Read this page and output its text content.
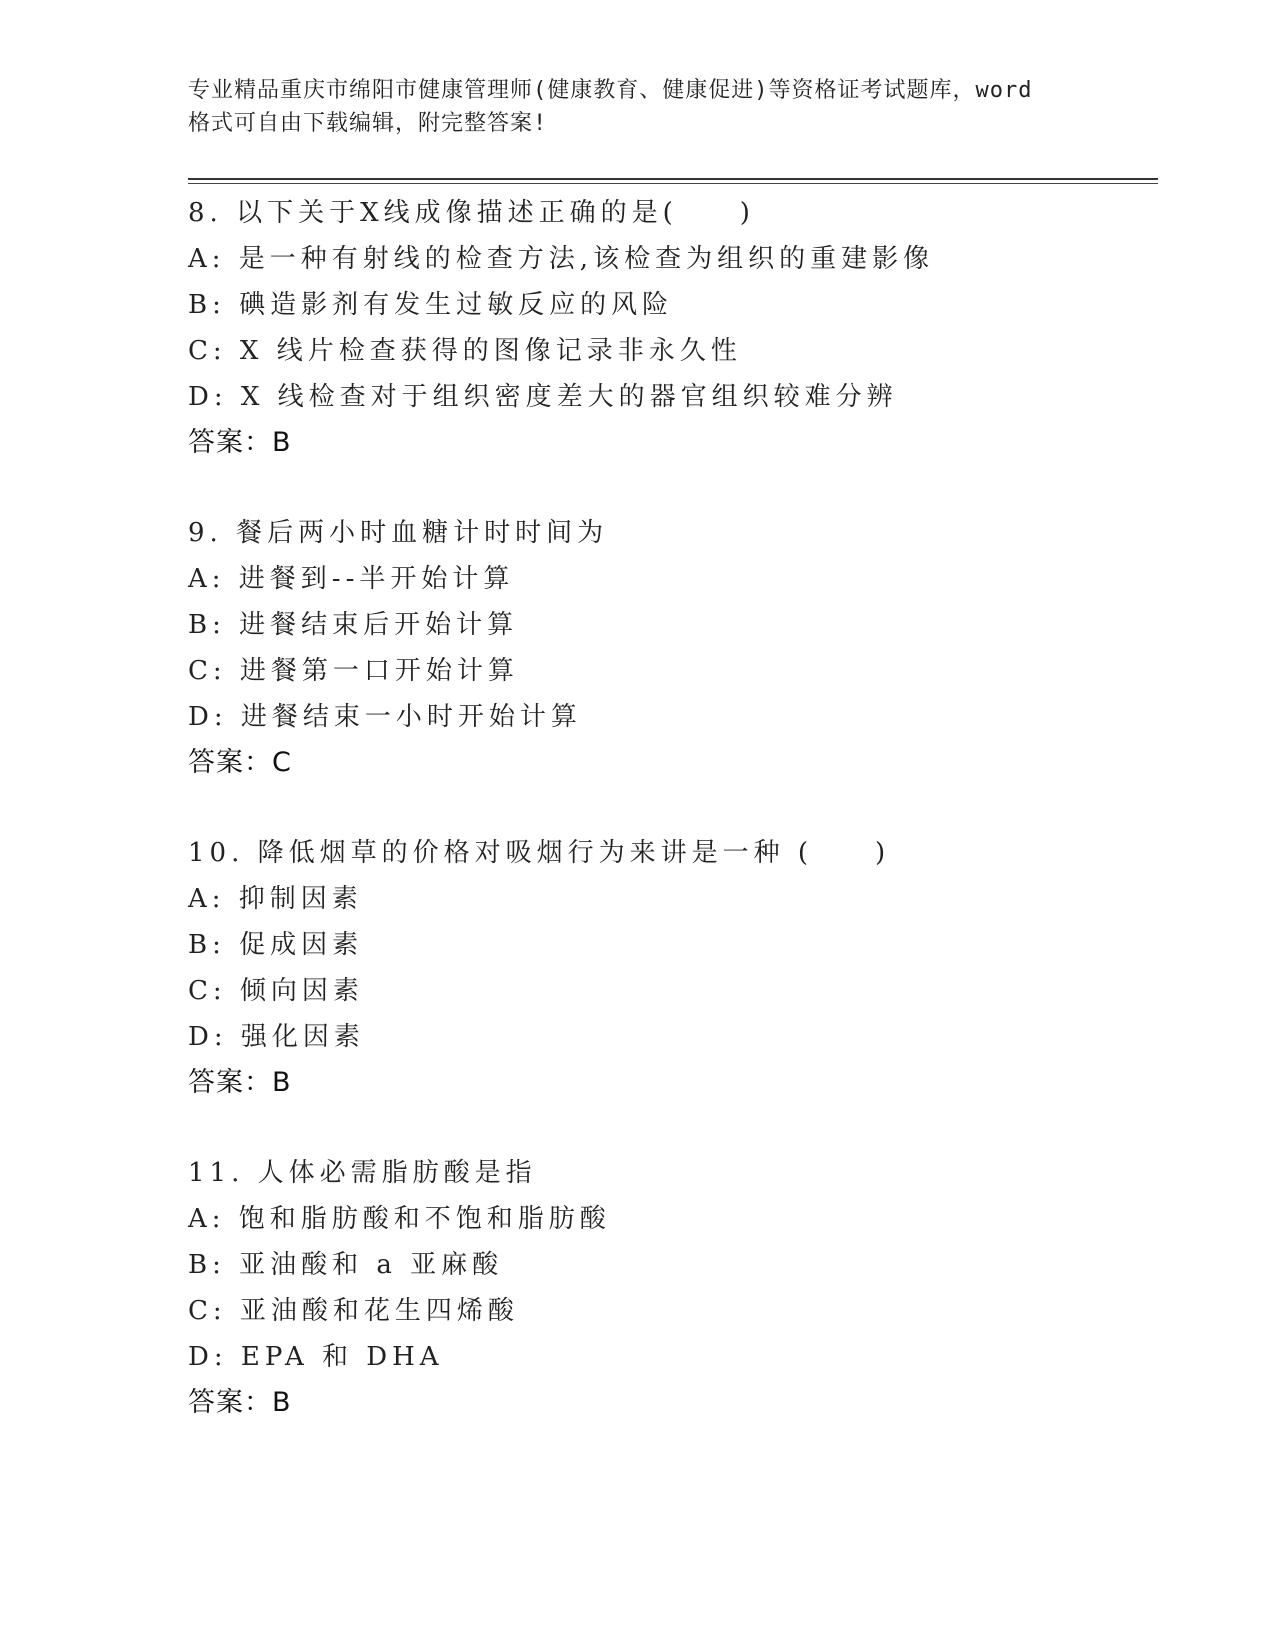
专业精品重庆市绵阳市健康管理师(健康教育、健康促进)等资格证考试题库，word
格式可自由下载编辑，附完整答案!
8. 以下关于X线成像描述正确的是(　　)
A: 是一种有射线的检查方法,该检查为组织的重建影像
B: 碘造影剂有发生过敏反应的风险
C: X 线片检查获得的图像记录非永久性
D: X 线检查对于组织密度差大的器官组织较难分辨
答案：B
9. 餐后两小时血糖计时时间为
A: 进餐到--半开始计算
B: 进餐结束后开始计算
C: 进餐第一口开始计算
D: 进餐结束一小时开始计算
答案：C
10. 降低烟草的价格对吸烟行为来讲是一种 (　　)
A: 抑制因素
B: 促成因素
C: 倾向因素
D: 强化因素
答案：B
11. 人体必需脂肪酸是指
A: 饱和脂肪酸和不饱和脂肪酸
B: 亚油酸和 a 亚麻酸
C: 亚油酸和花生四烯酸
D: EPA 和 DHA
答案：B
